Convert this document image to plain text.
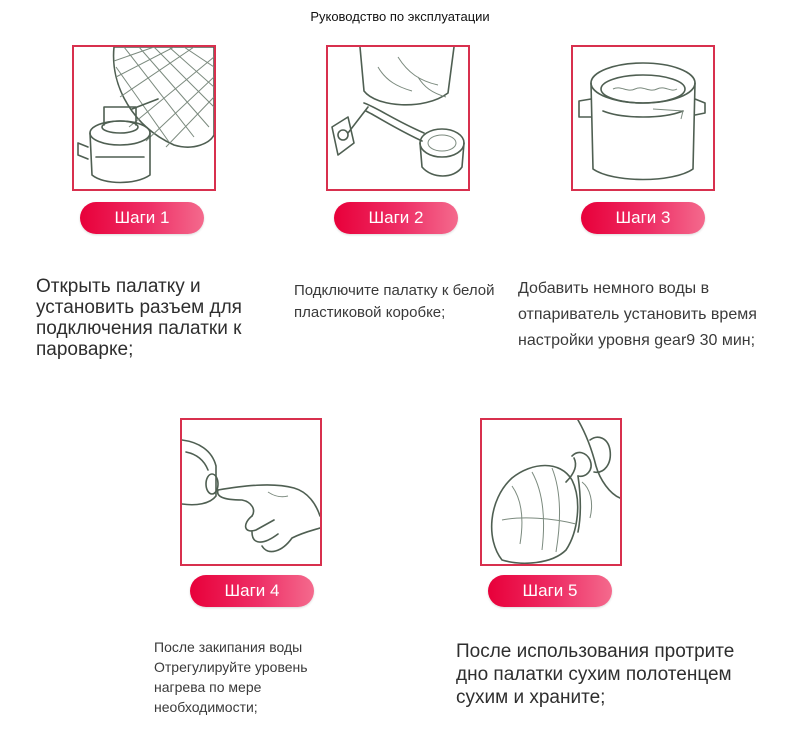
Руководство по эксплуатации
Шаги 1
Открыть палатку и установить разъем для подключения палатки к пароварке;
Шаги 2
Подключите палатку к белой пластиковой коробке;
Шаги 3
Добавить немного воды в отпариватель установить время настройки уровня gear9 30 мин;
Шаги 4
После закипания воды Отрегулируйте уровень нагрева по мере необходимости;
Шаги 5
После использования протрите дно палатки сухим полотенцем сухим и храните;
